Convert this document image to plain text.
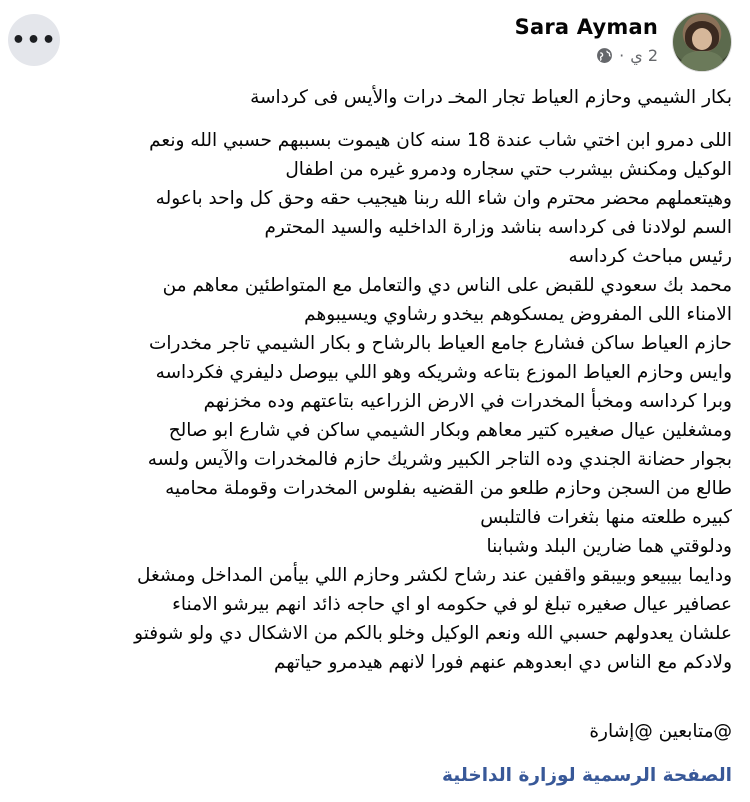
Sara Ayman
· 2 ي
•••
بكار الشيمي وحازم العياط تجار المخـ درات والأيس فى كرداسة
اللى دمرو ابن اختي شاب عندة 18 سنه كان هيموت بسببهم حسبي الله ونعم
الوكيل ومكنش بيشرب حتي سجاره ودمرو غيره من اطفال
وهيتعملهم محضر محترم وان شاء الله ربنا هيجيب حقه وحق كل واحد باعوله
السم لولادنا فى كرداسه بناشد وزارة الداخليه والسيد المحترم
رئيس مباحث كرداسه
محمد بك سعودي للقبض على الناس دي والتعامل مع المتواطئين معاهم من
الامناء اللى المفروض يمسكوهم بيخدو رشاوي ويسيبوهم
حازم العياط ساكن فشارع جامع العياط بالرشاح و بكار الشيمي تاجر مخدرات
وايس وحازم العياط الموزع بتاعه وشريكه وهو اللي بيوصل دليفري فكرداسه
وبرا كرداسه ومخبأ المخدرات في الارض الزراعيه بتاعتهم وده مخزنهم
ومشغلين عيال صغيره كتير معاهم وبكار الشيمي ساكن في شارع ابو صالح
بجوار حضانة الجندي وده التاجر الكبير وشريك حازم فالمخدرات والآيس ولسه
طالع من السجن وحازم طلعو من القضيه بفلوس المخدرات وقوملة محاميه
كبيره طلعته منها بثغرات فالتلبس
ودلوقتي هما ضارين البلد وشبابنا
ودايما بيبيعو وبيبقو واقفين عند رشاح لكشر وحازم اللي بيأمن المداخل ومشغل
عصافير عيال صغيره تبلغ لو في حكومه او اي حاجه ذائد انهم بيرشو الامناء
علشان يعدولهم حسبي الله ونعم الوكيل وخلو بالكم من الاشكال دي ولو شوفتو
ولادكم مع الناس دي ابعدوهم عنهم فورا لانهم هيدمرو حياتهم
@متابعين @إشارة
الصفحة الرسمية لوزارة الداخلية
